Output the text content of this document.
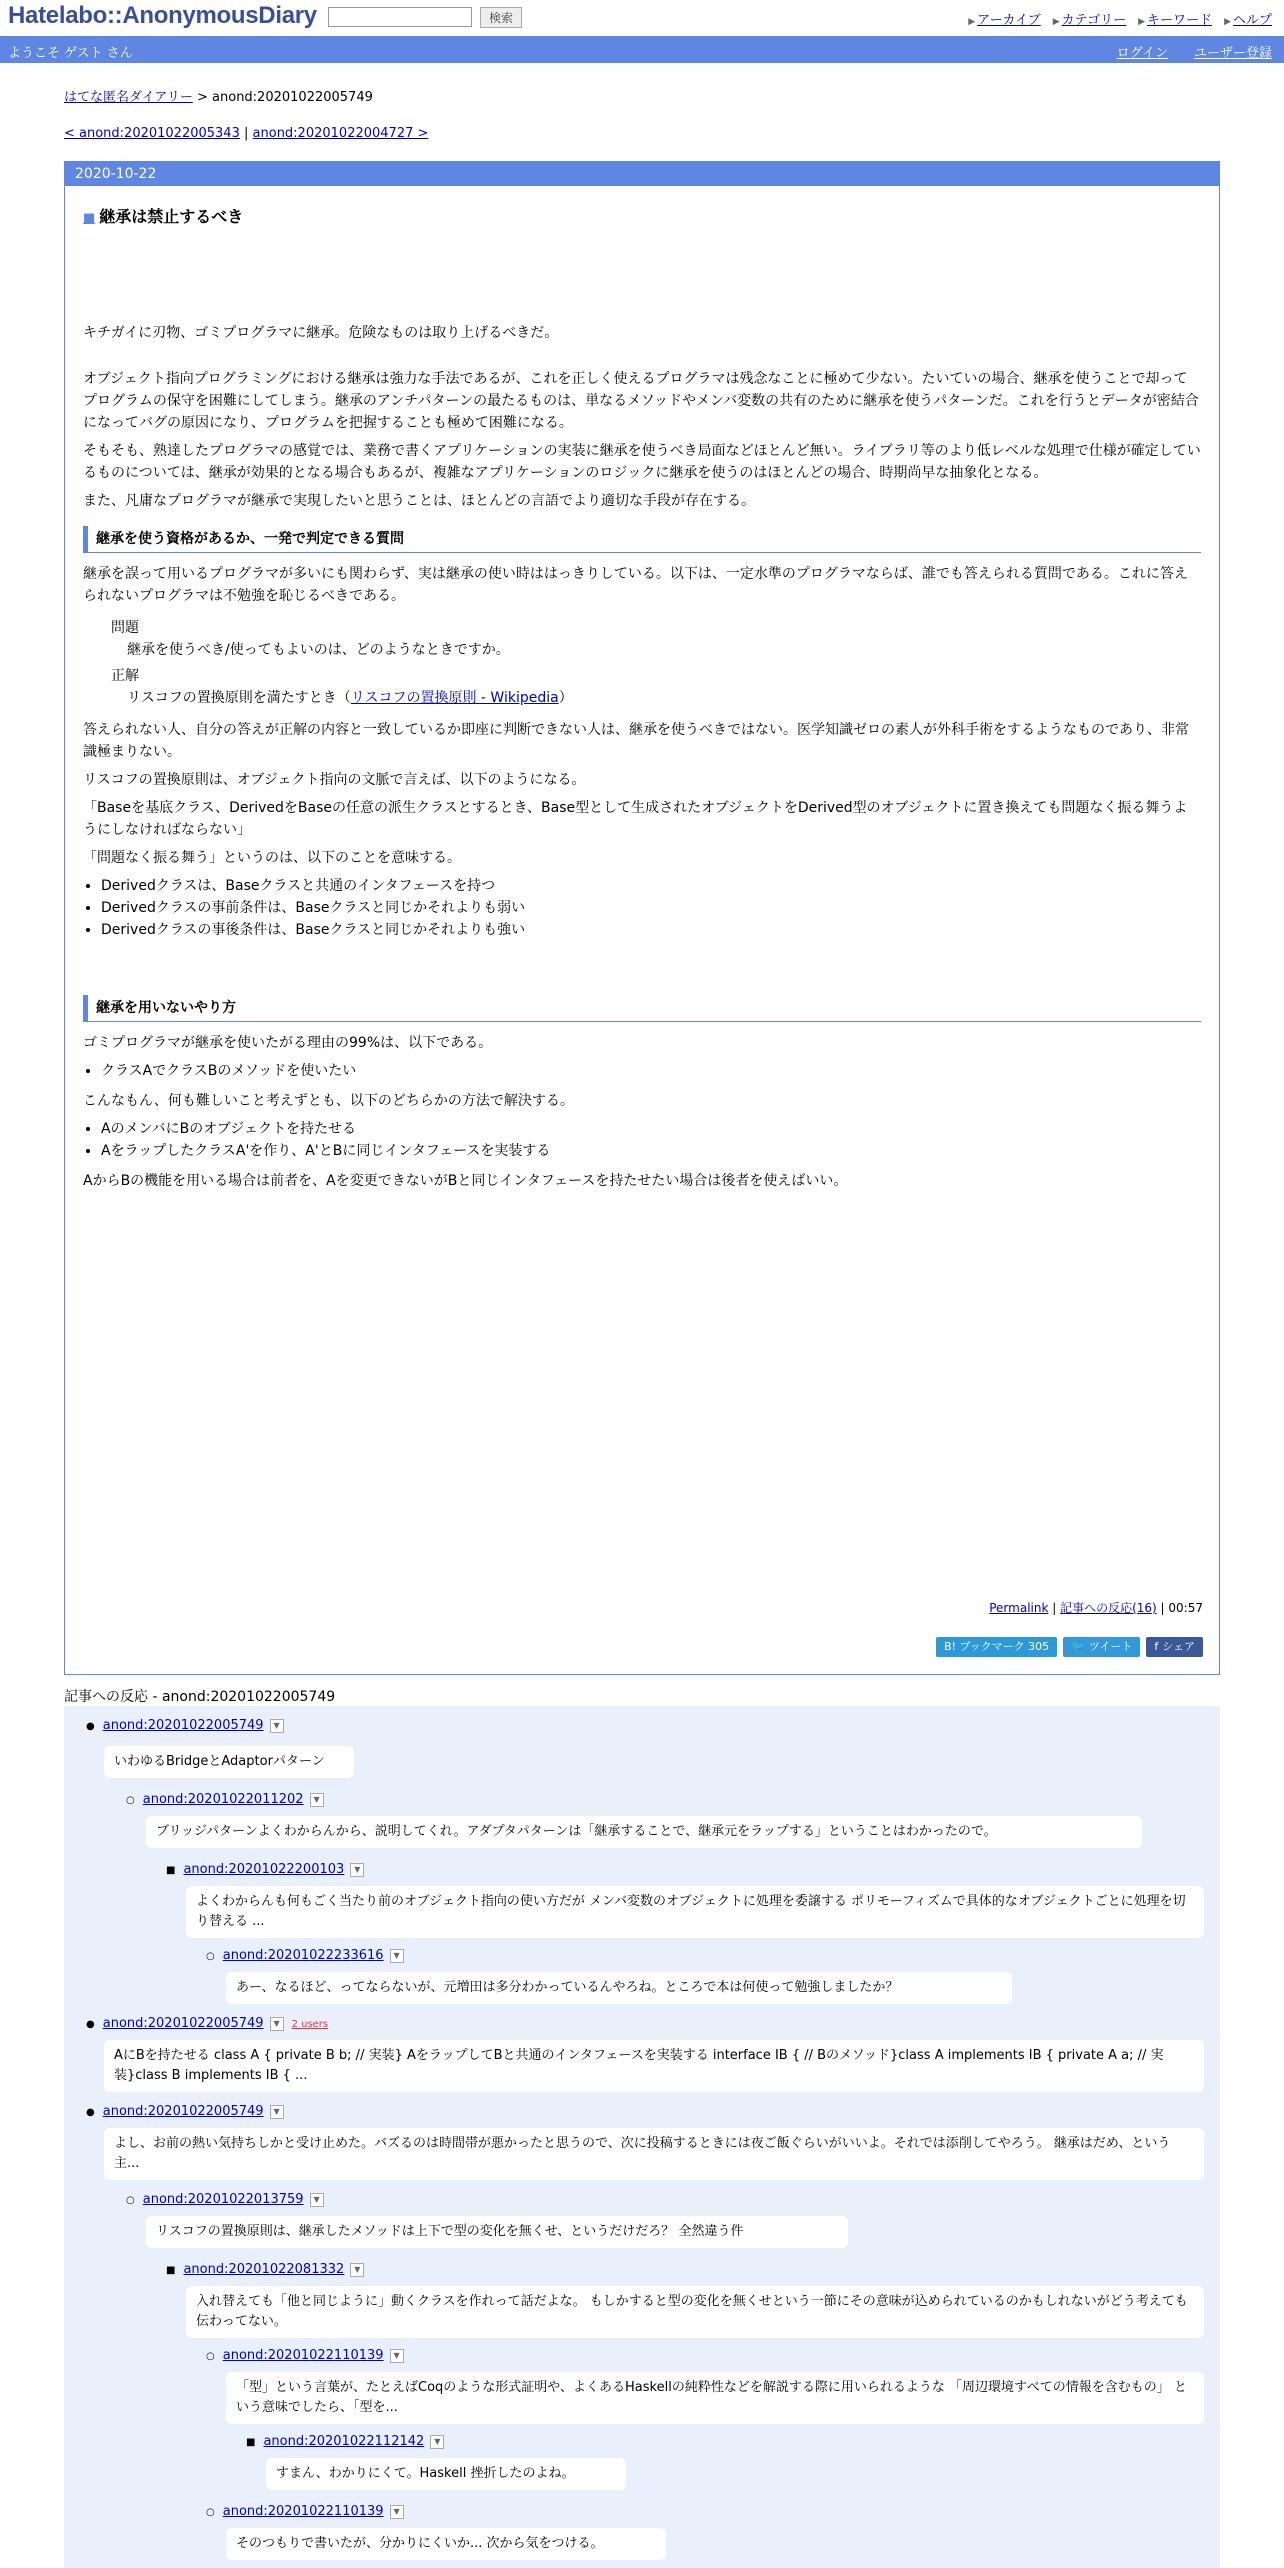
Hatelabo::AnonymousDiary	検索	▶ アーカイブ ▶ カテゴリー ▶ キーワード ▶ ヘルプ
ようこそ ゲスト さん	ログイン ユーザー登録
はてな匿名ダイアリー > anond:20201022005749
< anond:20201022005343 | anond:20201022004727 >
2020-10-22
■ 継承は禁止するべき

キチガイに刃物、ゴミプログラマに継承。危険なものは取り上げるべきだ。

オブジェクト指向プログラミングにおける継承は強力な手法であるが、これを正しく使えるプログラマは残念なことに極めて少ない。たいていの場合、継承を使うことで却ってプログラムの保守を困難にしてしまう。継承のアンチパターンの最たるものは、単なるメソッドやメンバ変数の共有のために継承を使うパターンだ。これを行うとデータが密結合になってバグの原因になり、プログラムを把握することも極めて困難になる。

そもそも、熟達したプログラマの感覚では、業務で書くアプリケーションの実装に継承を使うべき局面などほとんど無い。ライブラリ等のより低レベルな処理で仕様が確定しているものについては、継承が効果的となる場合もあるが、複雑なアプリケーションのロジックに継承を使うのはほとんどの場合、時期尚早な抽象化となる。

また、凡庸なプログラマが継承で実現したいと思うことは、ほとんどの言語でより適切な手段が存在する。

継承を使う資格があるか、一発で判定できる質問

継承を誤って用いるプログラマが多いにも関わらず、実は継承の使い時ははっきりしている。以下は、一定水準のプログラマならば、誰でも答えられる質問である。これに答えられないプログラマは不勉強を恥じるべきである。

問題
継承を使うべき/使ってもよいのは、どのようなときですか。
正解
リスコフの置換原則を満たすとき（リスコフの置換原則 - Wikipedia）

答えられない人、自分の答えが正解の内容と一致しているか即座に判断できない人は、継承を使うべきではない。医学知識ゼロの素人が外科手術をするようなものであり、非常識極まりない。

リスコフの置換原則は、オブジェクト指向の文脈で言えば、以下のようになる。

「Baseを基底クラス、DerivedをBaseの任意の派生クラスとするとき、Base型として生成されたオブジェクトをDerived型のオブジェクトに置き換えても問題なく振る舞うようにしなければならない」

「問題なく振る舞う」というのは、以下のことを意味する。

• Derivedクラスは、Baseクラスと共通のインタフェースを持つ
• Derivedクラスの事前条件は、Baseクラスと同じかそれよりも弱い
• Derivedクラスの事後条件は、Baseクラスと同じかそれよりも強い
継承を用いないやり方

ゴミプログラマが継承を使いたがる理由の99%は、以下である。

• クラスAでクラスBのメソッドを使いたい

こんなもん、何も難しいこと考えずとも、以下のどちらかの方法で解決する。

• AのメンバにBのオブジェクトを持たせる
• AをラップしたクラスA'を作り、A'とBに同じインタフェースを実装する

AからBの機能を用いる場合は前者を、Aを変更できないがBと同じインタフェースを持たせたい場合は後者を使えばいい。

Permalink | 記事への反応(16) | 00:57
B! ブックマーク 305	🐦 ツイート	f シェア
記事への反応 - anond:20201022005749
● anond:20201022005749 ▼
いわゆるBridgeとAdaptorパターン
○ anond:20201022011202 ▼
ブリッジパターンよくわからんから、説明してくれ。アダプタパターンは「継承することで、継承元をラップする」ということはわかったので。
■ anond:20201022200103 ▼
よくわからんも何もごく当たり前のオブジェクト指向の使い方だが メンバ変数のオブジェクトに処理を委譲する ポリモーフィズムで具体的なオブジェクトごとに処理を切り替える ...
○ anond:20201022233616 ▼
あー、なるほど、ってならないが、元増田は多分わかっているんやろね。ところで本は何使って勉強しましたか？
● anond:20201022005749 ▼ 2 users
AにBを持たせる class A { private B b; // 実装} AをラップしてBと共通のインタフェースを実装する interface IB { // Bのメソッド}class A implements IB { private A a; // 実装}class B implements IB { ...
● anond:20201022005749 ▼
よし、お前の熱い気持ちしかと受け止めた。バズるのは時間帯が悪かったと思うので、次に投稿するときには夜ご飯ぐらいがいいよ。それでは添削してやろう。 継承はだめ、という主...
○ anond:20201022013759 ▼
リスコフの置換原則は、継承したメソッドは上下で型の変化を無くせ、というだけだろ？ 全然違う件
■ anond:20201022081332 ▼
入れ替えても「他と同じように」動くクラスを作れって話だよな。 もしかすると型の変化を無くせという一節にその意味が込められているのかもしれないがどう考えても伝わってない。
○ anond:20201022110139 ▼
「型」という言葉が、たとえばCoqのような形式証明や、よくあるHaskellの純粋性などを解説する際に用いられるような 「周辺環境すべての情報を含むもの」 という意味でしたら、「型を...
■ anond:20201022112142 ▼
すまん、わかりにくて。Haskell 挫折したのよね。
○ anond:20201022110139 ▼
そのつもりで書いたが、分かりにくいか... 次から気をつける。
